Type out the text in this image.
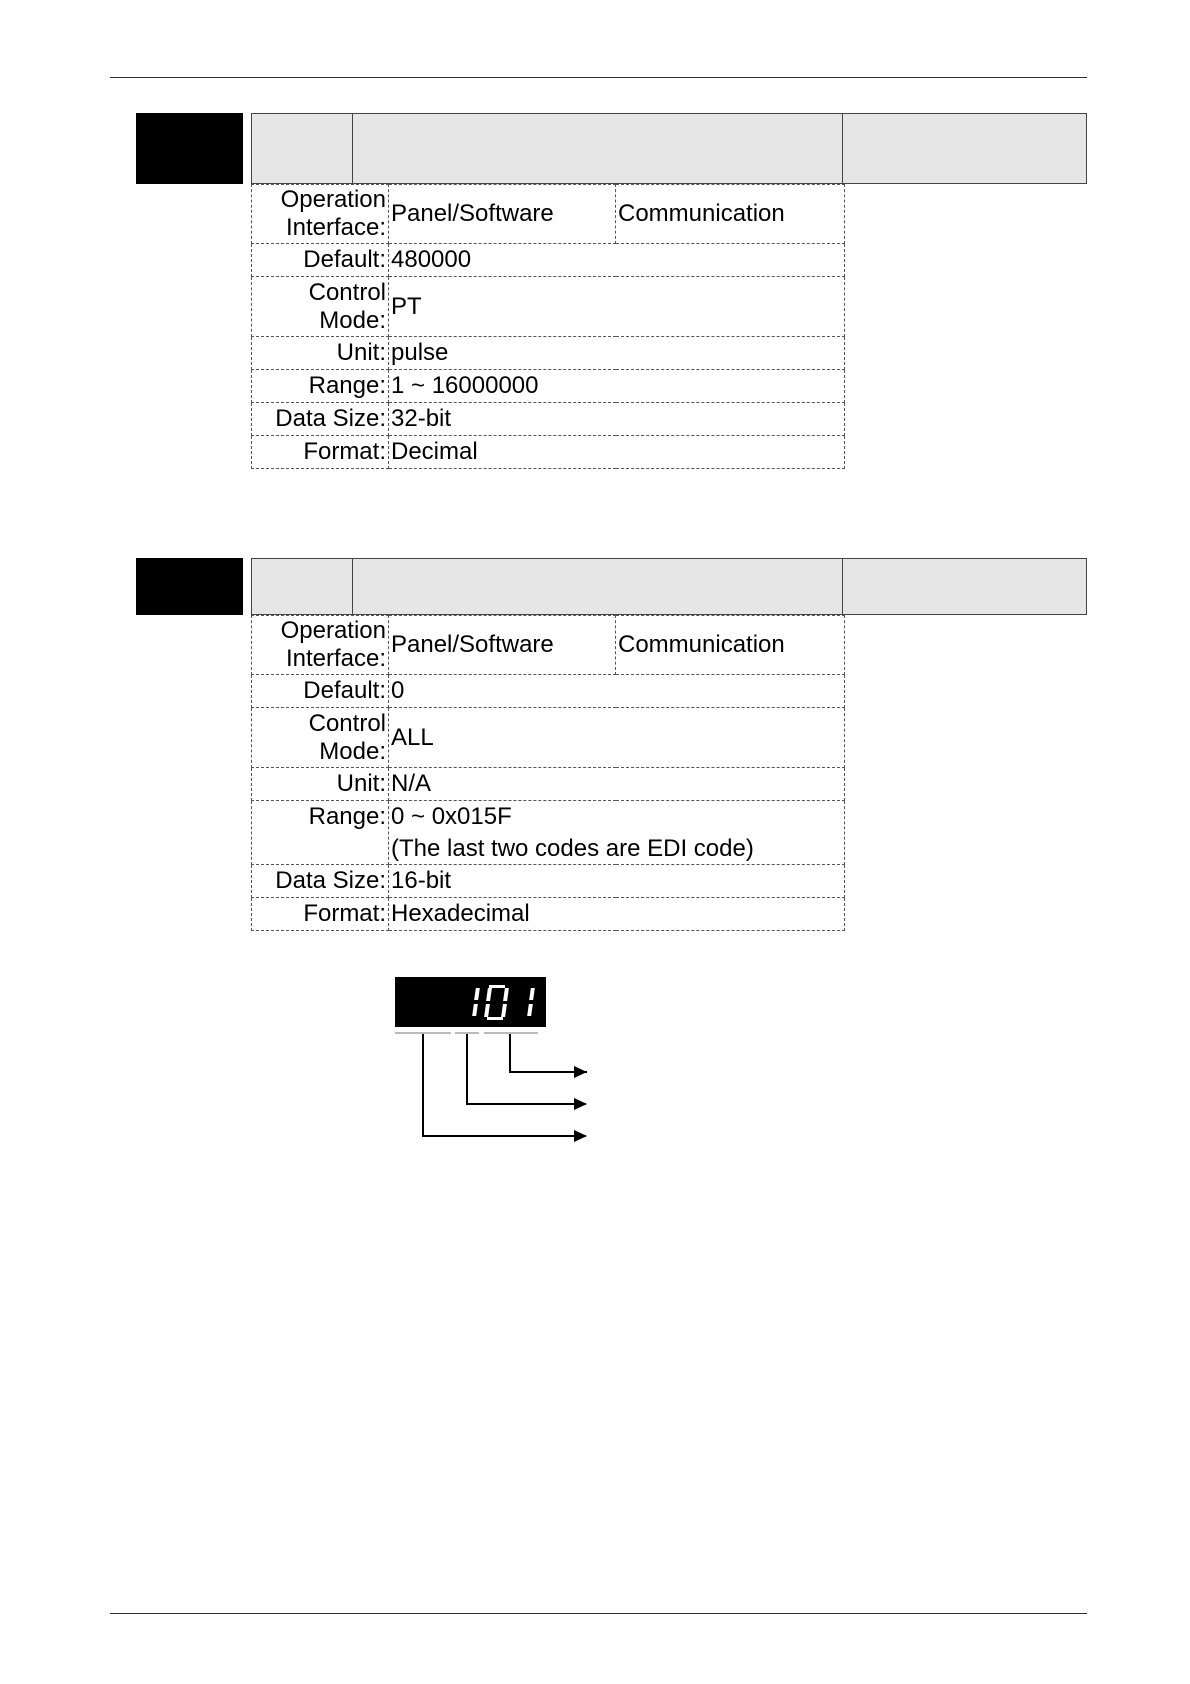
Operation
Interface:	Panel/Software	Communication
Default:	480000	

Control
Mode:	PT	
Unit:	pulse	
Range:	1 ~ 16000000	
Data Size:	32-bit	
Format:	Decimal	
Operation
Interface:	Panel/Software	Communication
Default:	0	

Control
Mode:	ALL	
Unit:	N/A	
Range:	0 ~ 0x015F
(The last two codes are EDI code)	

Data Size:	16-bit	
Format:	Hexadecimal	
